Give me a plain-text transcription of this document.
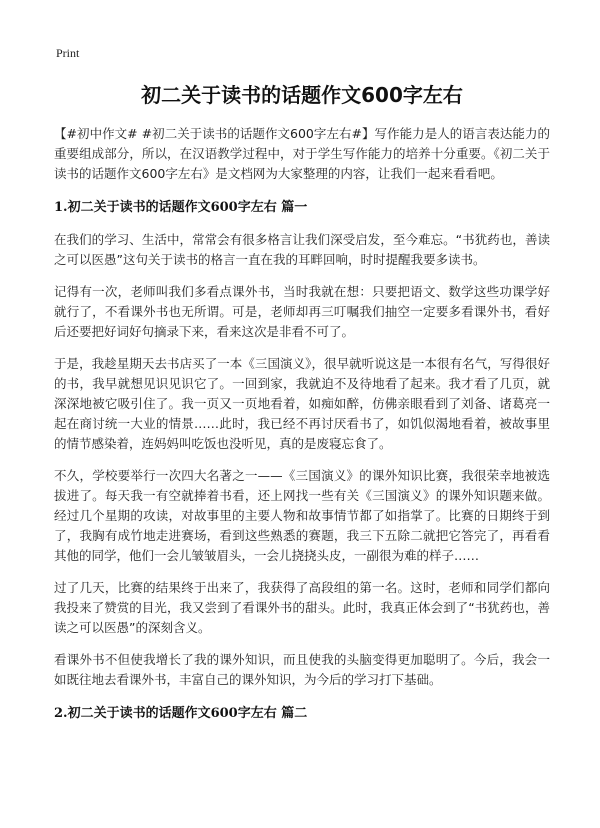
Print
初二关于读书的话题作文600字左右

【#初中作文# #初二关于读书的话题作文600字左右#】写作能力是人的语言表达能力的重要组成部分，所以，在汉语教学过程中，对于学生写作能力的培养十分重要。《初二关于读书的话题作文600字左右》是文档网为大家整理的内容，让我们一起来看看吧。

1.初二关于读书的话题作文600字左右 篇一

在我们的学习、生活中，常常会有很多格言让我们深受启发，至今难忘。“书犹药也，善读之可以医愚”这句关于读书的格言一直在我的耳畔回响，时时提醒我要多读书。

记得有一次，老师叫我们多看点课外书，当时我就在想：只要把语文、数学这些功课学好就行了，不看课外书也无所谓。可是，老师却再三叮嘱我们抽空一定要多看课外书，看好后还要把好词好句摘录下来，看来这次是非看不可了。

于是，我趁星期天去书店买了一本《三国演义》，很早就听说这是一本很有名气，写得很好的书，我早就想见识见识它了。一回到家，我就迫不及待地看了起来。我才看了几页，就深深地被它吸引住了。我一页又一页地看着，如痴如醉，仿佛亲眼看到了刘备、诸葛亮一起在商讨统一大业的情景……此时，我已经不再讨厌看书了，如饥似渴地看着，被故事里的情节感染着，连妈妈叫吃饭也没听见，真的是废寝忘食了。

不久，学校要举行一次四大名著之一——《三国演义》的课外知识比赛，我很荣幸地被选拔进了。每天我一有空就捧着书看，还上网找一些有关《三国演义》的课外知识题来做。经过几个星期的攻读，对故事里的主要人物和故事情节都了如指掌了。比赛的日期终于到了，我胸有成竹地走进赛场，看到这些熟悉的赛题，我三下五除二就把它答完了，再看看其他的同学，他们一会儿皱皱眉头，一会儿挠挠头皮，一副很为难的样子……

过了几天，比赛的结果终于出来了，我获得了高段组的第一名。这时，老师和同学们都向我投来了赞赏的目光，我又尝到了看课外书的甜头。此时，我真正体会到了“书犹药也，善读之可以医愚”的深刻含义。

看课外书不但使我增长了我的课外知识，而且使我的头脑变得更加聪明了。今后，我会一如既往地去看课外书，丰富自己的课外知识，为今后的学习打下基础。

2.初二关于读书的话题作文600字左右 篇二
